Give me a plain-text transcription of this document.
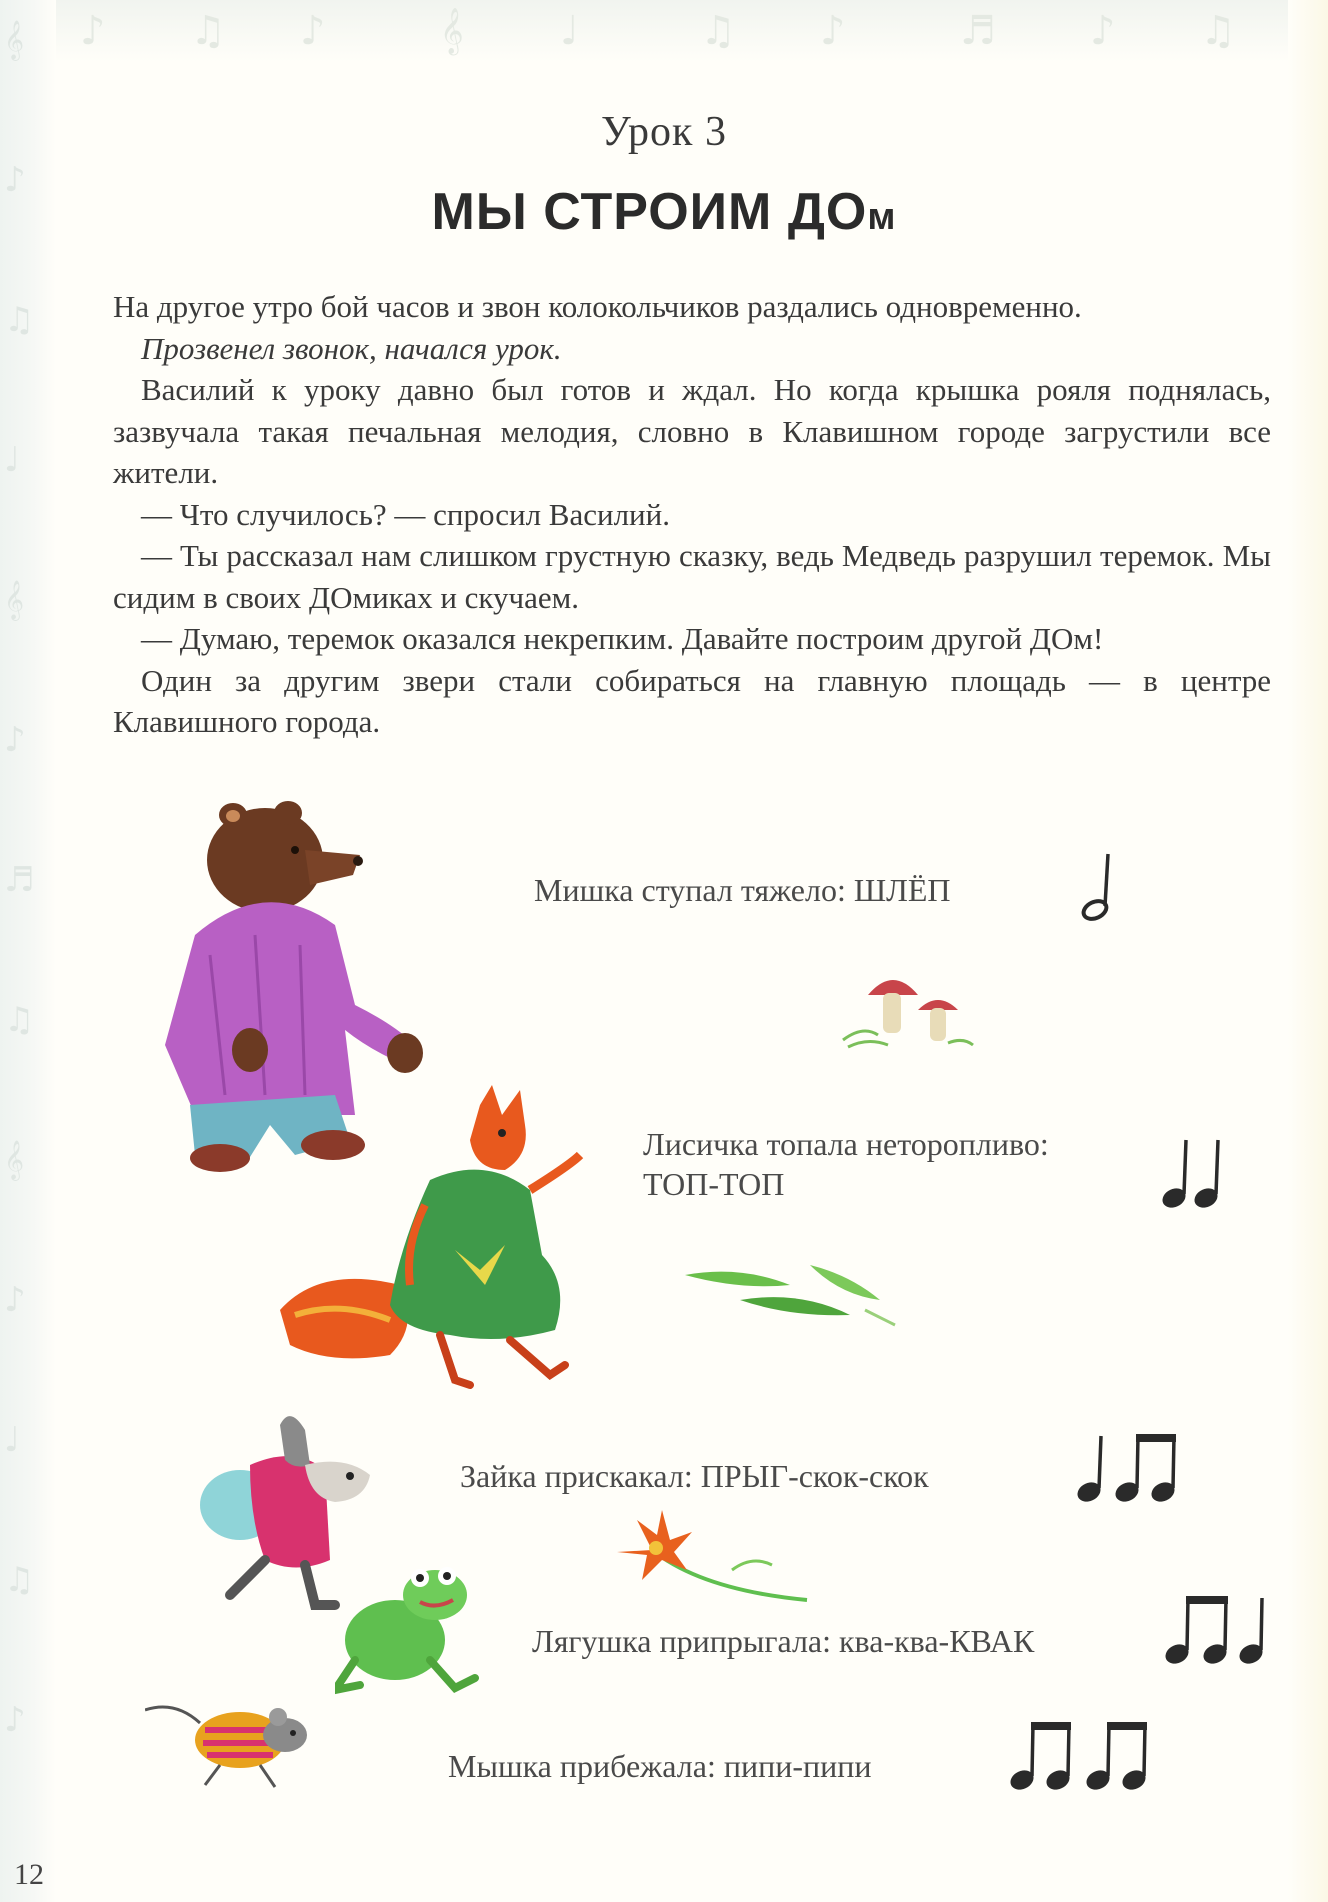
♪ ♫ ♪	𝄞 ♩	♫ ♪	♬ ♪ ♫
𝄞
♪
♫
♩
𝄞
♪
♬
♫
𝄞
♪
♩
♫
♪
Урок 3
МЫ СТРОИМ ДОм

На другое утро бой часов и звон колокольчиков раздались одновременно.

Прозвенел звонок, начался урок.

Василий к уроку давно был готов и ждал. Но когда крышка рояля поднялась, зазвучала такая печальная мелодия, словно в Клавишном городе загрустили все жители.

— Что случилось? — спросил Василий.

— Ты рассказал нам слишком грустную сказку, ведь Медведь разрушил теремок. Мы сидим в своих ДОмиках и скучаем.

— Думаю, теремок оказался некрепким. Давайте построим другой ДОм!

Один за другим звери стали собираться на главную площадь — в центре Клавишного города.

Мишка ступал тяжело: ШЛЁП
Лисичка топала неторопливо:
ТОП-ТОП
Зайка прискакал: ПРЫГ-скок-скок
Лягушка припрыгала: ква-ква-КВАК
Мышка прибежала: пипи-пипи
12
